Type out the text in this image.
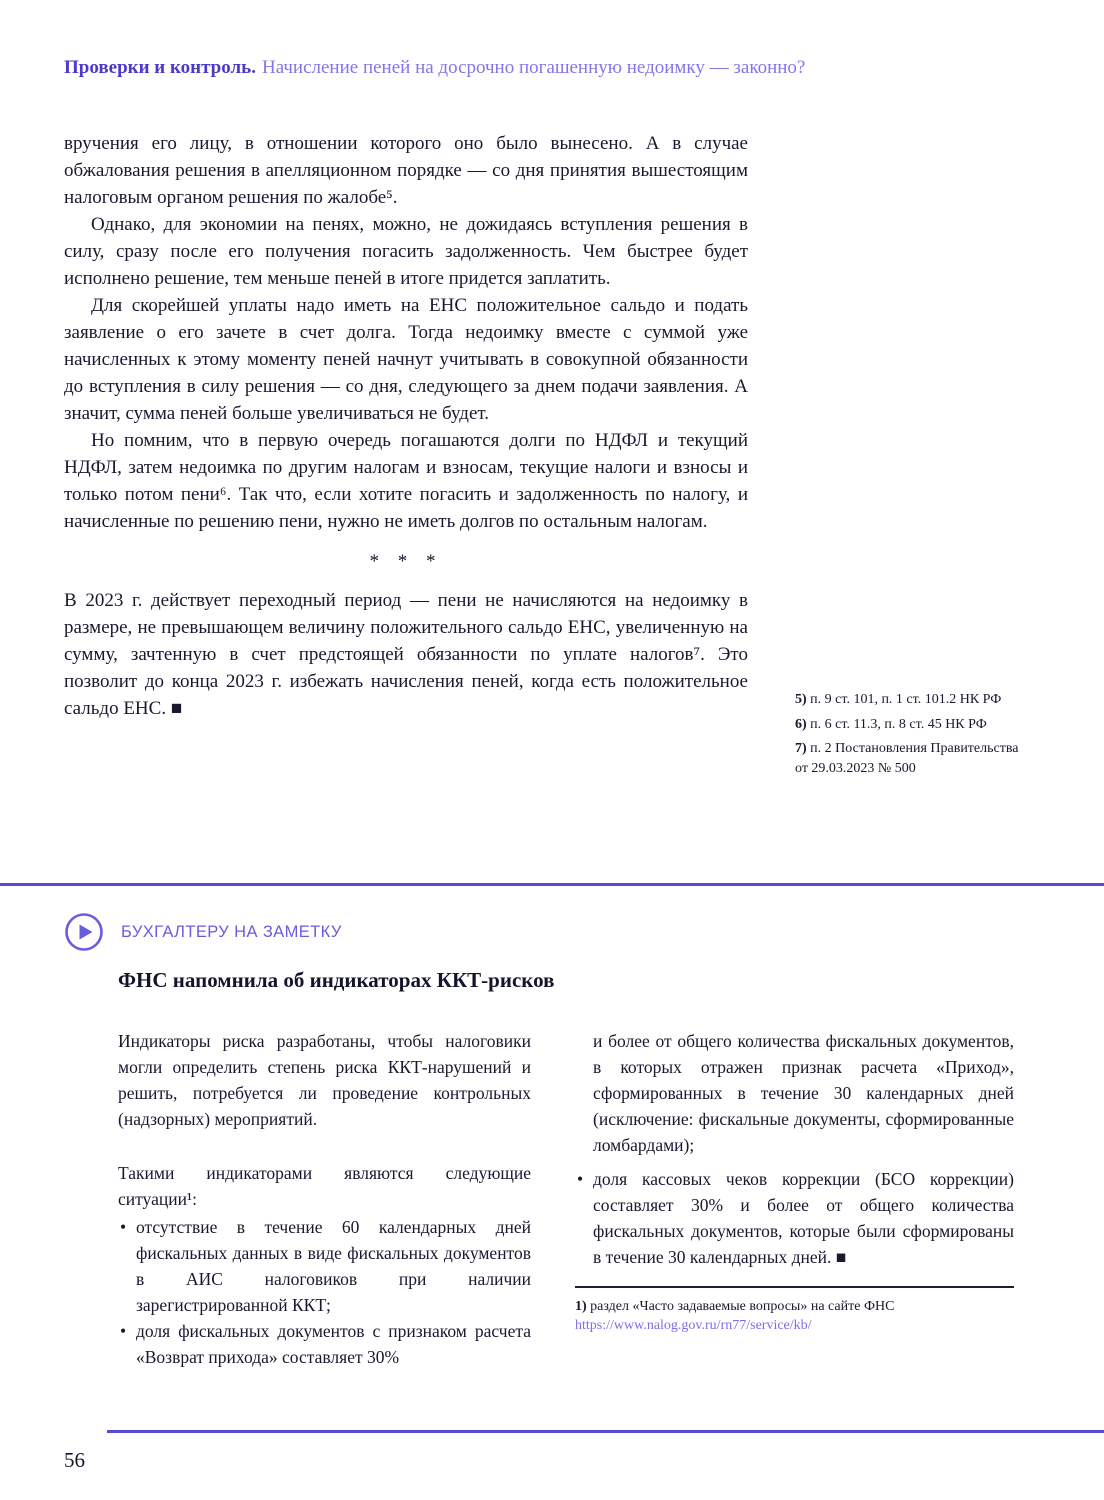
Проверки и контроль. Начисление пеней на досрочно погашенную недоимку — законно?

вручения его лицу, в отношении которого оно было вынесено. А в случае обжалования решения в апелляционном порядке — со дня принятия вышестоящим налоговым органом решения по жалобе⁵.

Однако, для экономии на пенях, можно, не дожидаясь вступления решения в силу, сразу после его получения погасить задолженность. Чем быстрее будет исполнено решение, тем меньше пеней в итоге придется заплатить.

Для скорейшей уплаты надо иметь на ЕНС положительное сальдо и подать заявление о его зачете в счет долга. Тогда недоимку вместе с суммой уже начисленных к этому моменту пеней начнут учитывать в совокупной обязанности до вступления в силу решения — со дня, следующего за днем подачи заявления. А значит, сумма пеней больше увеличиваться не будет.

Но помним, что в первую очередь погашаются долги по НДФЛ и текущий НДФЛ, затем недоимка по другим налогам и взносам, текущие налоги и взносы и только потом пени⁶. Так что, если хотите погасить и задолженность по налогу, и начисленные по решению пени, нужно не иметь долгов по остальным налогам.

* * *

В 2023 г. действует переходный период — пени не начисляются на недоимку в размере, не превышающем величину положительного сальдо ЕНС, увеличенную на сумму, зачтенную в счет предстоящей обязанности по уплате налогов⁷. Это позволит до конца 2023 г. избежать начисления пеней, когда есть положительное сальдо ЕНС. ■	5) п. 9 ст. 101, п. 1 ст. 101.2 НК РФ
6) п. 6 ст. 11.3, п. 8 ст. 45 НК РФ
7) п. 2 Постановления Правительства от 29.03.2023 № 500
БУХГАЛТЕРУ НА ЗАМЕТКУ
ФНС напомнила об индикаторах ККТ-рисков

Индикаторы риска разработаны, чтобы налоговики могли определить степень риска ККТ-нарушений и решить, потребуется ли проведение контрольных (надзорных) мероприятий.

Такими индикаторами являются следующие ситуации¹:

• отсутствие в течение 60 календарных дней фискальных данных в виде фискальных документов в АИС налоговиков при наличии зарегистрированной ККТ;
• доля фискальных документов с признаком расчета «Возврат прихода» составляет 30%

и более от общего количества фискальных документов, в которых отражен признак расчета «Приход», сформированных в течение 30 календарных дней (исключение: фискальные документы, сформированные ломбардами);

• доля кассовых чеков коррекции (БСО коррекции) составляет 30% и более от общего количества фискальных документов, которые были сформированы в течение 30 календарных дней. ■
1) раздел «Часто задаваемые вопросы» на сайте ФНС
https://www.nalog.gov.ru/rn77/service/kb/
56
